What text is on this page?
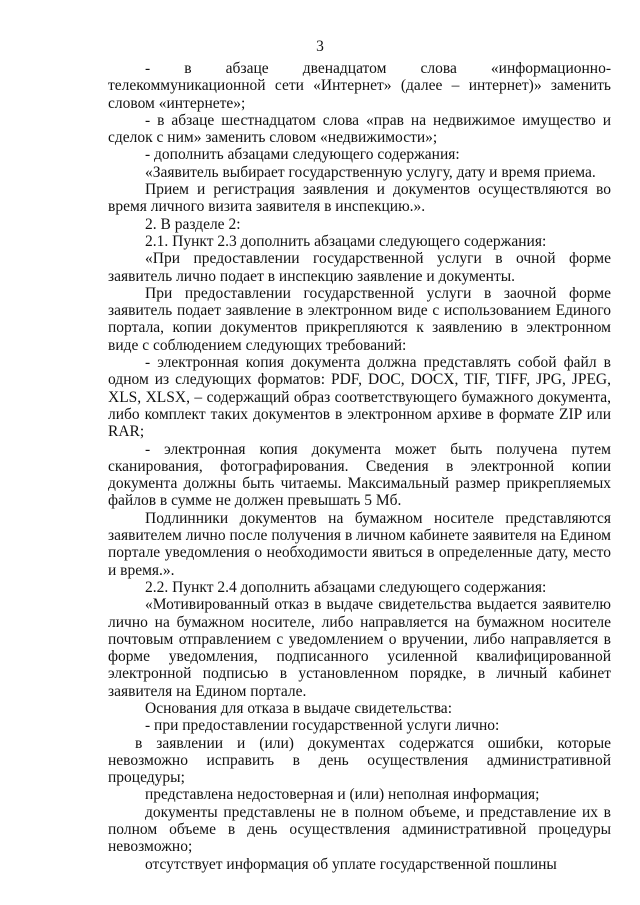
3

- в абзаце двенадцатом слова «информационно-телекоммуникационной сети «Интернет» (далее – интернет)» заменить словом «интернете»;

- в абзаце шестнадцатом слова «прав на недвижимое имущество и сделок с ним» заменить словом «недвижимости»;

- дополнить абзацами следующего содержания:

«Заявитель выбирает государственную услугу, дату и время приема.

Прием и регистрация заявления и документов осуществляются во время личного визита заявителя в инспекцию.».

2. В разделе 2:

2.1. Пункт 2.3 дополнить абзацами следующего содержания:

«При предоставлении государственной услуги в очной форме заявитель лично подает в инспекцию заявление и документы.

При предоставлении государственной услуги в заочной форме заявитель подает заявление в электронном виде с использованием Единого портала, копии документов прикрепляются к заявлению в электронном виде с соблюдением следующих требований:

- электронная копия документа должна представлять собой файл в одном из следующих форматов: PDF, DOC, DOCX, TIF, TIFF, JPG, JPEG, XLS, XLSX, – содержащий образ соответствующего бумажного документа, либо комплект таких документов в электронном архиве в формате ZIP или RAR;

- электронная копия документа может быть получена путем сканирования, фотографирования. Сведения в электронной копии документа должны быть читаемы. Максимальный размер прикрепляемых файлов в сумме не должен превышать 5 Мб.

Подлинники документов на бумажном носителе представляются заявителем лично после получения в личном кабинете заявителя на Едином портале уведомления о необходимости явиться в определенные дату, место и время.».

2.2. Пункт 2.4 дополнить абзацами следующего содержания:

«Мотивированный отказ в выдаче свидетельства выдается заявителю лично на бумажном носителе, либо направляется на бумажном носителе почтовым отправлением с уведомлением о вручении, либо направляется в форме уведомления, подписанного усиленной квалифицированной электронной подписью в установленном порядке, в личный кабинет заявителя на Едином портале.

Основания для отказа в выдаче свидетельства:

- при предоставлении государственной услуги лично:

в заявлении и (или) документах содержатся ошибки, которые невозможно исправить в день осуществления административной процедуры;

представлена недостоверная и (или) неполная информация;

документы представлены не в полном объеме, и представление их в полном объеме в день осуществления административной процедуры невозможно;

отсутствует информация об уплате государственной пошлины
